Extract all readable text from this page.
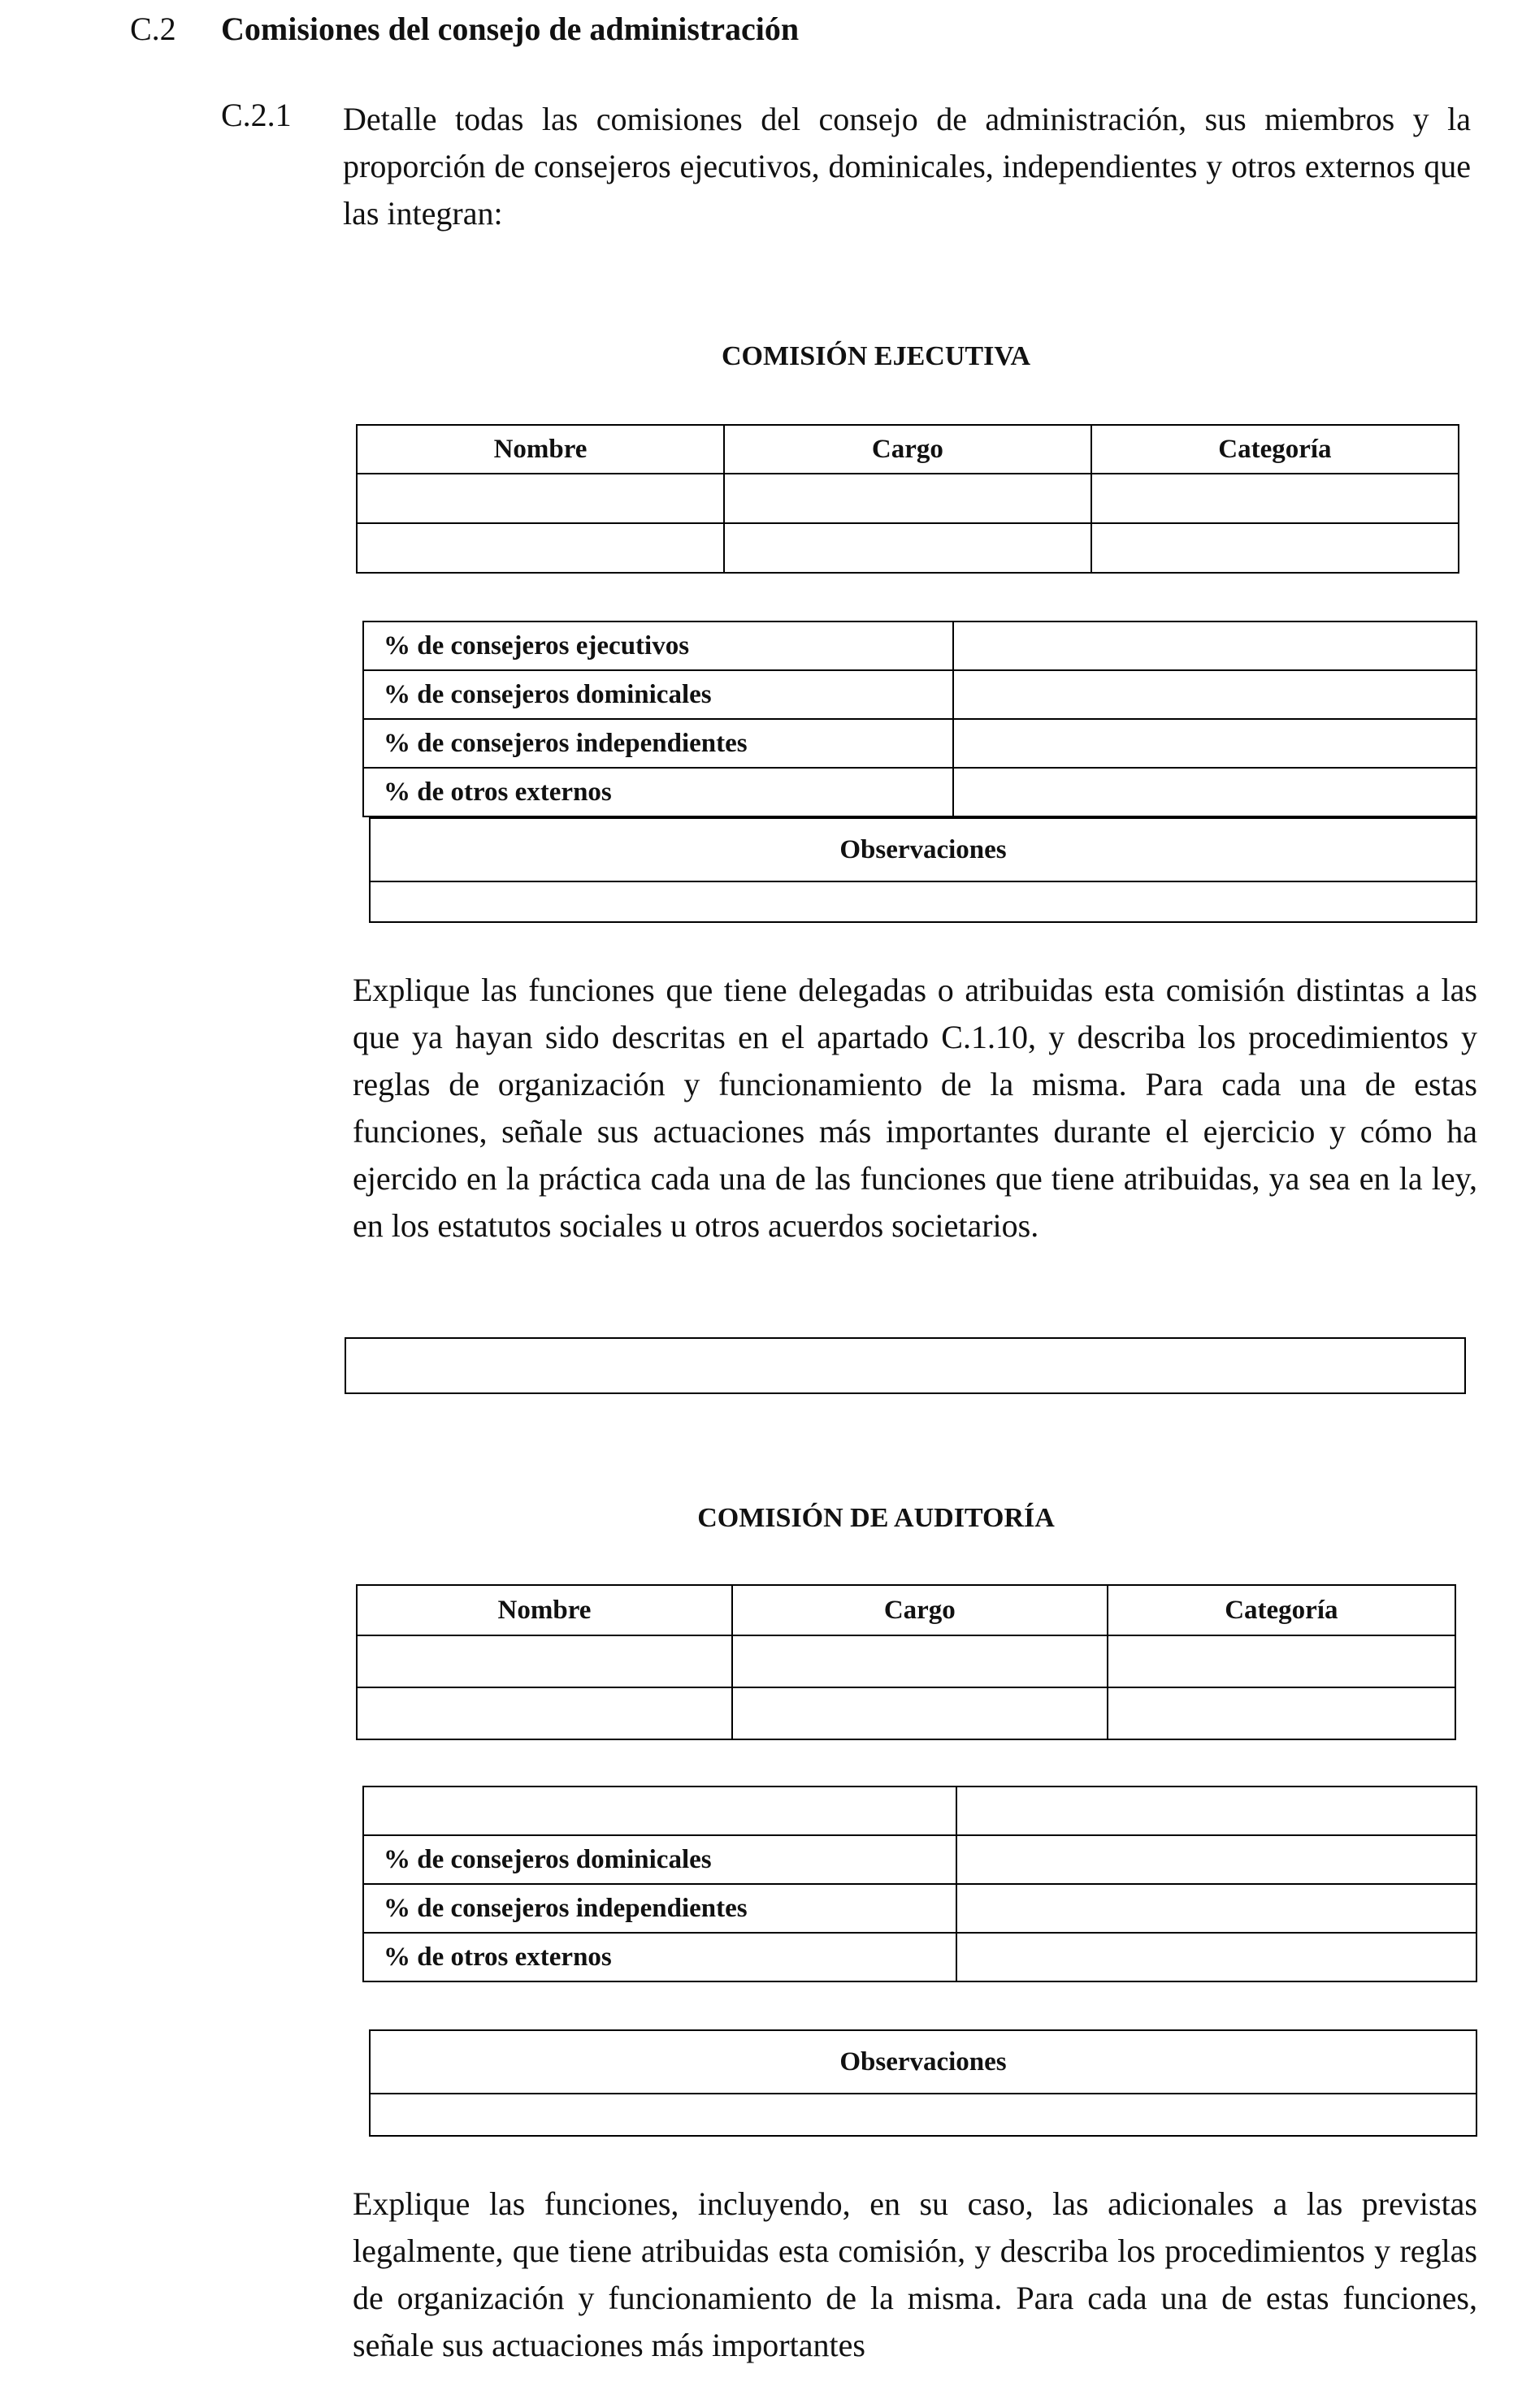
C.2 Comisiones del consejo de administración
C.2.1 Detalle todas las comisiones del consejo de administración, sus miembros y la proporción de consejeros ejecutivos, dominicales, independientes y otros externos que las integran:
COMISIÓN EJECUTIVA
Nombre	Cargo	Categoría

% de consejeros ejecutivos	
% de consejeros dominicales	
% de consejeros independientes	
% de otros externos	
Observaciones

Explique las funciones que tiene delegadas o atribuidas esta comisión distintas a las que ya hayan sido descritas en el apartado C.1.10, y describa los procedimientos y reglas de organización y funcionamiento de la misma. Para cada una de estas funciones, señale sus actuaciones más importantes durante el ejercicio y cómo ha ejercido en la práctica cada una de las funciones que tiene atribuidas, ya sea en la ley, en los estatutos sociales u otros acuerdos societarios.
COMISIÓN DE AUDITORÍA
Nombre	Cargo	Categoría

% de consejeros dominicales	
% de consejeros independientes	
% de otros externos	
Observaciones

Explique las funciones, incluyendo, en su caso, las adicionales a las previstas legalmente, que tiene atribuidas esta comisión, y describa los procedimientos y reglas de organización y funcionamiento de la misma. Para cada una de estas funciones, señale sus actuaciones más importantes
